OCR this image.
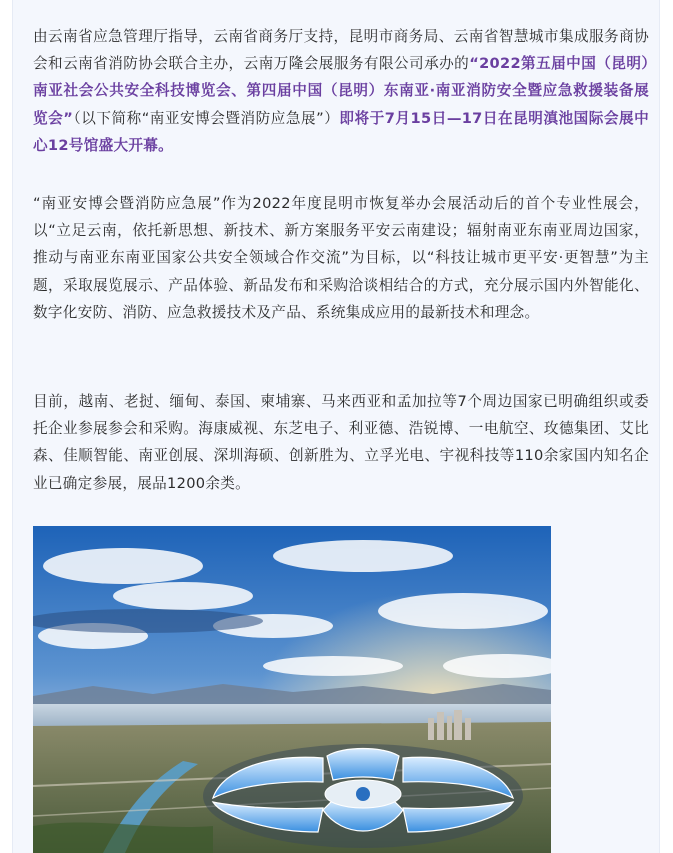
由云南省应急管理厅指导，云南省商务厅支持，昆明市商务局、云南省智慧城市集成服务商协会和云南省消防协会联合主办，云南万隆会展服务有限公司承办的“2022第五届中国（昆明）南亚社会公共安全科技博览会、第四届中国（昆明）东南亚·南亚消防安全暨应急救援装备展览会”（以下简称“南亚安博会暨消防应急展”）即将于7月15日—17日在昆明滇池国际会展中心12号馆盛大开幕。

“南亚安博会暨消防应急展”作为2022年度昆明市恢复举办会展活动后的首个专业性展会，以“立足云南，依托新思想、新技术、新方案服务平安云南建设；辐射南亚东南亚周边国家，推动与南亚东南亚国家公共安全领域合作交流”为目标，以“科技让城市更平安·更智慧”为主题，采取展览展示、产品体验、新品发布和采购洽谈相结合的方式，充分展示国内外智能化、数字化安防、消防、应急救援技术及产品、系统集成应用的最新技术和理念。

目前，越南、老挝、缅甸、泰国、柬埔寨、马来西亚和孟加拉等7个周边国家已明确组织或委托企业参展参会和采购。海康威视、东芝电子、利亚德、浩锐博、一电航空、玫德集团、艾比森、佳顺智能、南亚创展、深圳海硕、创新胜为、立孚光电、宇视科技等110余家国内知名企业已确定参展，展品1200余类。
